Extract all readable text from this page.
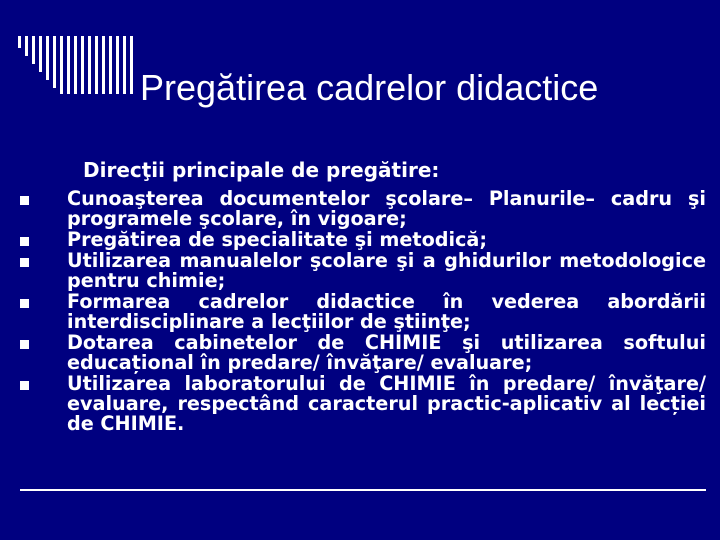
Pregătirea cadrelor didactice
Direcţii principale de pregătire:
Cunoaşterea documentelor şcolare– Planurile– cadru şi programele şcolare, în vigoare;
Pregătirea de specialitate şi metodică;
Utilizarea manualelor şcolare şi a ghidurilor metodologice pentru chimie;
Formarea cadrelor didactice în vederea abordării interdisciplinare a lecţiilor de ştiinţe;
Dotarea cabinetelor de CHIMIE şi utilizarea softului educațional în predare/ învăţare/ evaluare;
Utilizarea laboratorului de CHIMIE în predare/ învăţare/ evaluare, respectând caracterul practic-aplicativ al lecției de CHIMIE.
